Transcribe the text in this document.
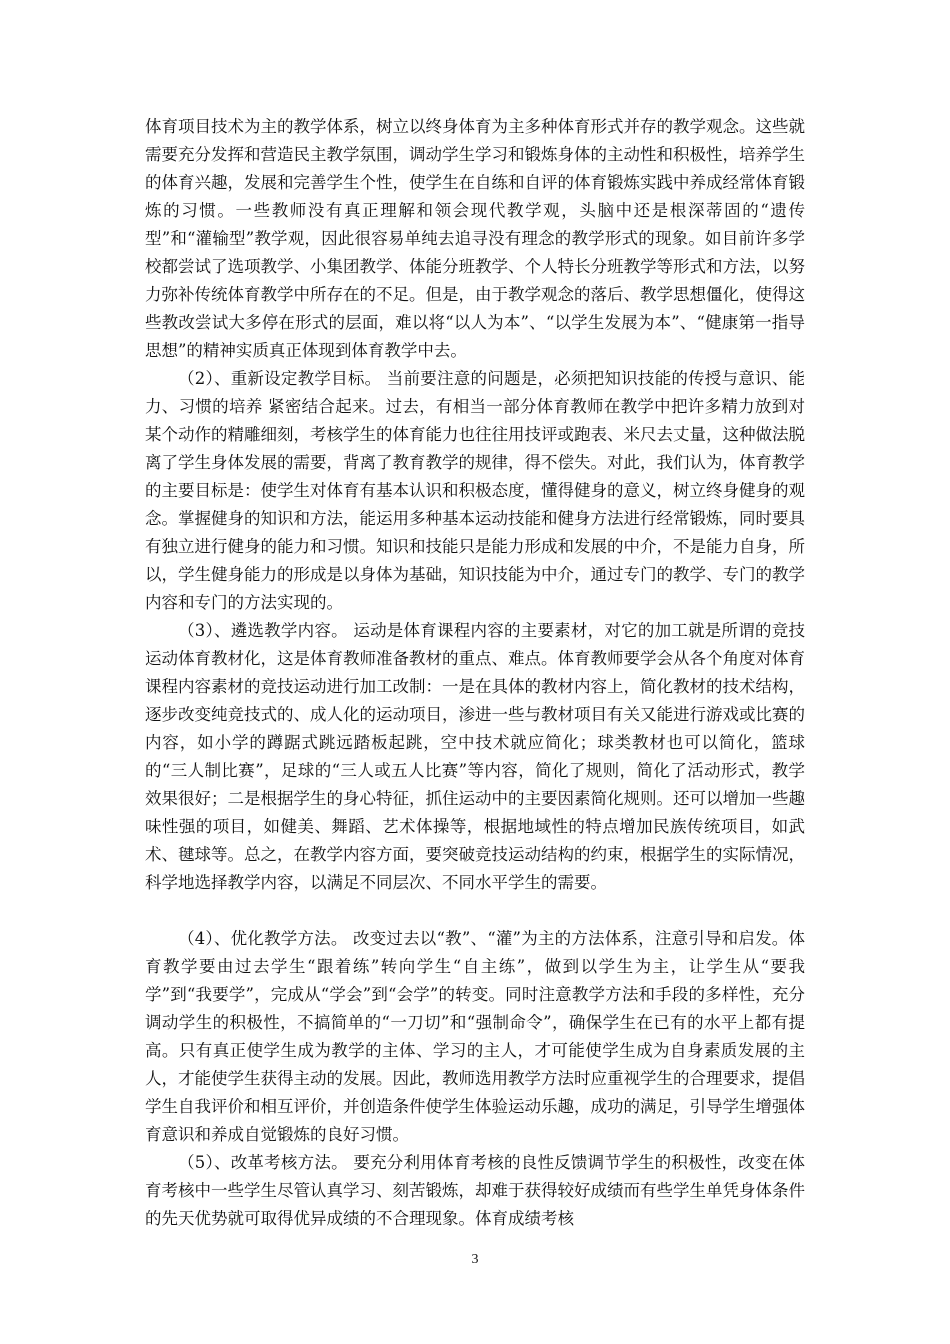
体育项目技术为主的教学体系，树立以终身体育为主多种体育形式并存的教学观念。这些就需要充分发挥和营造民主教学氛围，调动学生学习和锻炼身体的主动性和积极性，培养学生的体育兴趣，发展和完善学生个性，使学生在自练和自评的体育锻炼实践中养成经常体育锻炼的习惯。一些教师没有真正理解和领会现代教学观，头脑中还是根深蒂固的“遗传型”和“灌输型”教学观，因此很容易单纯去追寻没有理念的教学形式的现象。如目前许多学校都尝试了选项教学、小集团教学、体能分班教学、个人特长分班教学等形式和方法，以努力弥补传统体育教学中所存在的不足。但是，由于教学观念的落后、教学思想僵化，使得这些教改尝试大多停在形式的层面，难以将“以人为本”、“以学生发展为本”、“健康第一指导思想”的精神实质真正体现到体育教学中去。

（2）、重新设定教学目标。 当前要注意的问题是，必须把知识技能的传授与意识、能力、习惯的培养 紧密结合起来。过去，有相当一部分体育教师在教学中把许多精力放到对某个动作的精雕细刻，考核学生的体育能力也往往用技评或跑表、米尺去丈量，这种做法脱离了学生身体发展的需要，背离了教育教学的规律，得不偿失。对此，我们认为，体育教学的主要目标是：使学生对体育有基本认识和积极态度，懂得健身的意义，树立终身健身的观念。掌握健身的知识和方法，能运用多种基本运动技能和健身方法进行经常锻炼，同时要具有独立进行健身的能力和习惯。知识和技能只是能力形成和发展的中介，不是能力自身，所以，学生健身能力的形成是以身体为基础，知识技能为中介，通过专门的教学、专门的教学内容和专门的方法实现的。

（3）、遴选教学内容。 运动是体育课程内容的主要素材，对它的加工就是所谓的竞技运动体育教材化，这是体育教师准备教材的重点、难点。体育教师要学会从各个角度对体育课程内容素材的竞技运动进行加工改制：一是在具体的教材内容上，简化教材的技术结构，逐步改变纯竞技式的、成人化的运动项目，渗进一些与教材项目有关又能进行游戏或比赛的内容，如小学的蹲踞式跳远踏板起跳，空中技术就应简化；球类教材也可以简化，篮球的“三人制比赛”，足球的“三人或五人比赛”等内容，简化了规则，简化了活动形式，教学效果很好；二是根据学生的身心特征，抓住运动中的主要因素简化规则。还可以增加一些趣味性强的项目，如健美、舞蹈、艺术体操等，根据地域性的特点增加民族传统项目，如武术、毽球等。总之，在教学内容方面，要突破竞技运动结构的约束，根据学生的实际情况，科学地选择教学内容，以满足不同层次、不同水平学生的需要。

（4）、优化教学方法。 改变过去以“教”、“灌”为主的方法体系，注意引导和启发。体育教学要由过去学生“跟着练”转向学生“自主练”，做到以学生为主，让学生从“要我学”到“我要学”，完成从“学会”到“会学”的转变。同时注意教学方法和手段的多样性，充分调动学生的积极性，不搞简单的“一刀切”和“强制命令”，确保学生在已有的水平上都有提高。只有真正使学生成为教学的主体、学习的主人，才可能使学生成为自身素质发展的主人，才能使学生获得主动的发展。因此，教师选用教学方法时应重视学生的合理要求，提倡学生自我评价和相互评价，并创造条件使学生体验运动乐趣，成功的满足，引导学生增强体育意识和养成自觉锻炼的良好习惯。

（5）、改革考核方法。 要充分利用体育考核的良性反馈调节学生的积极性，改变在体育考核中一些学生尽管认真学习、刻苦锻炼，却难于获得较好成绩而有些学生单凭身体条件的先天优势就可取得优异成绩的不合理现象。体育成绩考核

3
